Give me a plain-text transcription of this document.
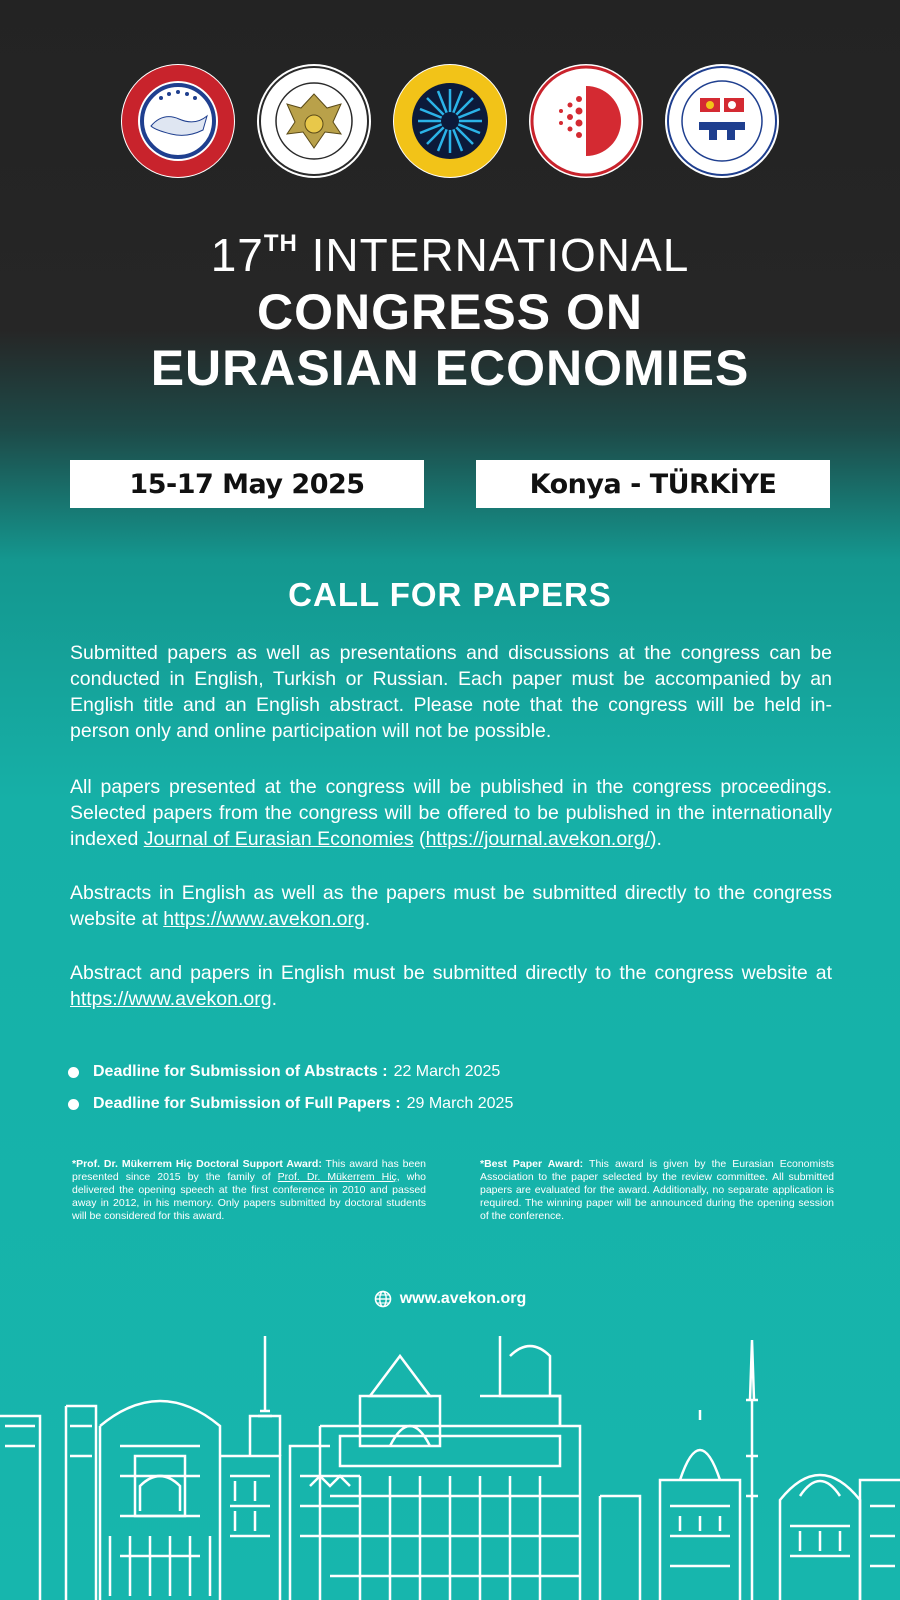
17TH INTERNATIONAL
CONGRESS ON
EURASIAN ECONOMIES
15-17 May 2025	Konya - TÜRKİYE
CALL FOR PAPERS

Submitted papers as well as presentations and discussions at the congress can be conducted in English, Turkish or Russian. Each paper must be accompanied by an English title and an English abstract. Please note that the congress will be held in-person only and online participation will not be possible.

All papers presented at the congress will be published in the congress proceedings. Selected papers from the congress will be offered to be published in the internationally indexed Journal of Eurasian Economies (https://journal.avekon.org/).

Abstracts in English as well as the papers must be submitted directly to the congress website at https://www.avekon.org.

Abstract and papers in English must be submitted directly to the congress website at https://www.avekon.org.

Deadline for Submission of Abstracts : 22 March 2025
Deadline for Submission of Full Papers : 29 March 2025

*Prof. Dr. Mükerrem Hiç Doctoral Support Award: This award has been presented since 2015 by the family of Prof. Dr. Mükerrem Hiç, who delivered the opening speech at the first conference in 2010 and passed away in 2012, in his memory. Only papers submitted by doctoral students will be considered for this award.

*Best Paper Award: This award is given by the Eurasian Economists Association to the paper selected by the review committee. All submitted papers are evaluated for the award. Additionally, no separate application is required. The winning paper will be announced during the opening session of the conference.

www.avekon.org
